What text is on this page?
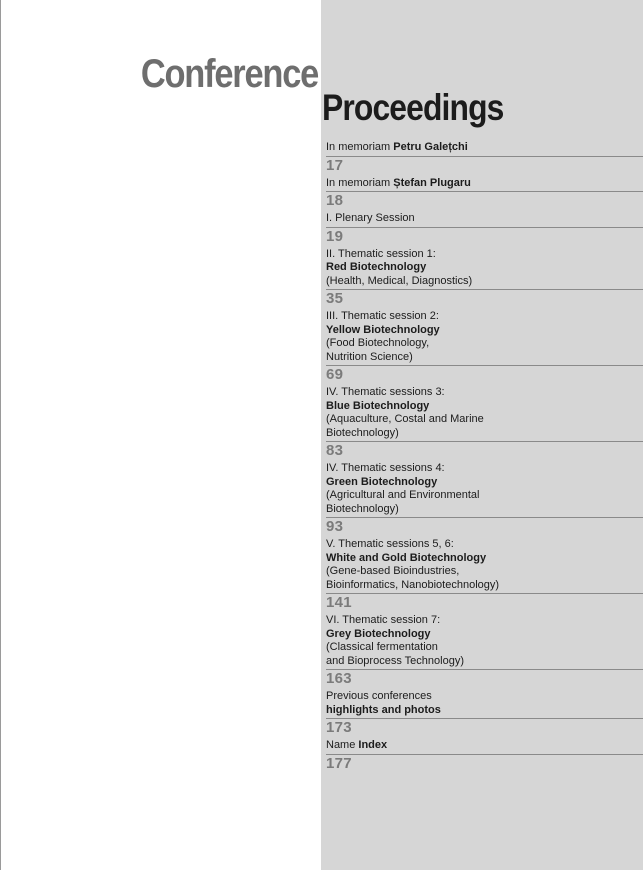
Conference
Proceedings
In memoriam Petru Galețchi
17
In memoriam Ștefan Plugaru
18
I. Plenary Session
19
II. Thematic session 1:
Red Biotechnology
(Health, Medical, Diagnostics)
35
III. Thematic session 2:
Yellow Biotechnology
(Food Biotechnology,
Nutrition Science)
69
IV. Thematic sessions 3:
Blue Biotechnology
(Aquaculture, Costal and Marine
Biotechnology)
83
IV. Thematic sessions 4:
Green Biotechnology
(Agricultural and Environmental
Biotechnology)
93
V. Thematic sessions 5, 6:
White and Gold Biotechnology
(Gene-based Bioindustries,
Bioinformatics, Nanobiotechnology)
141
VI. Thematic session 7:
Grey Biotechnology
(Classical fermentation
and Bioprocess Technology)
163
Previous conferences
highlights and photos
173
Name Index
177
